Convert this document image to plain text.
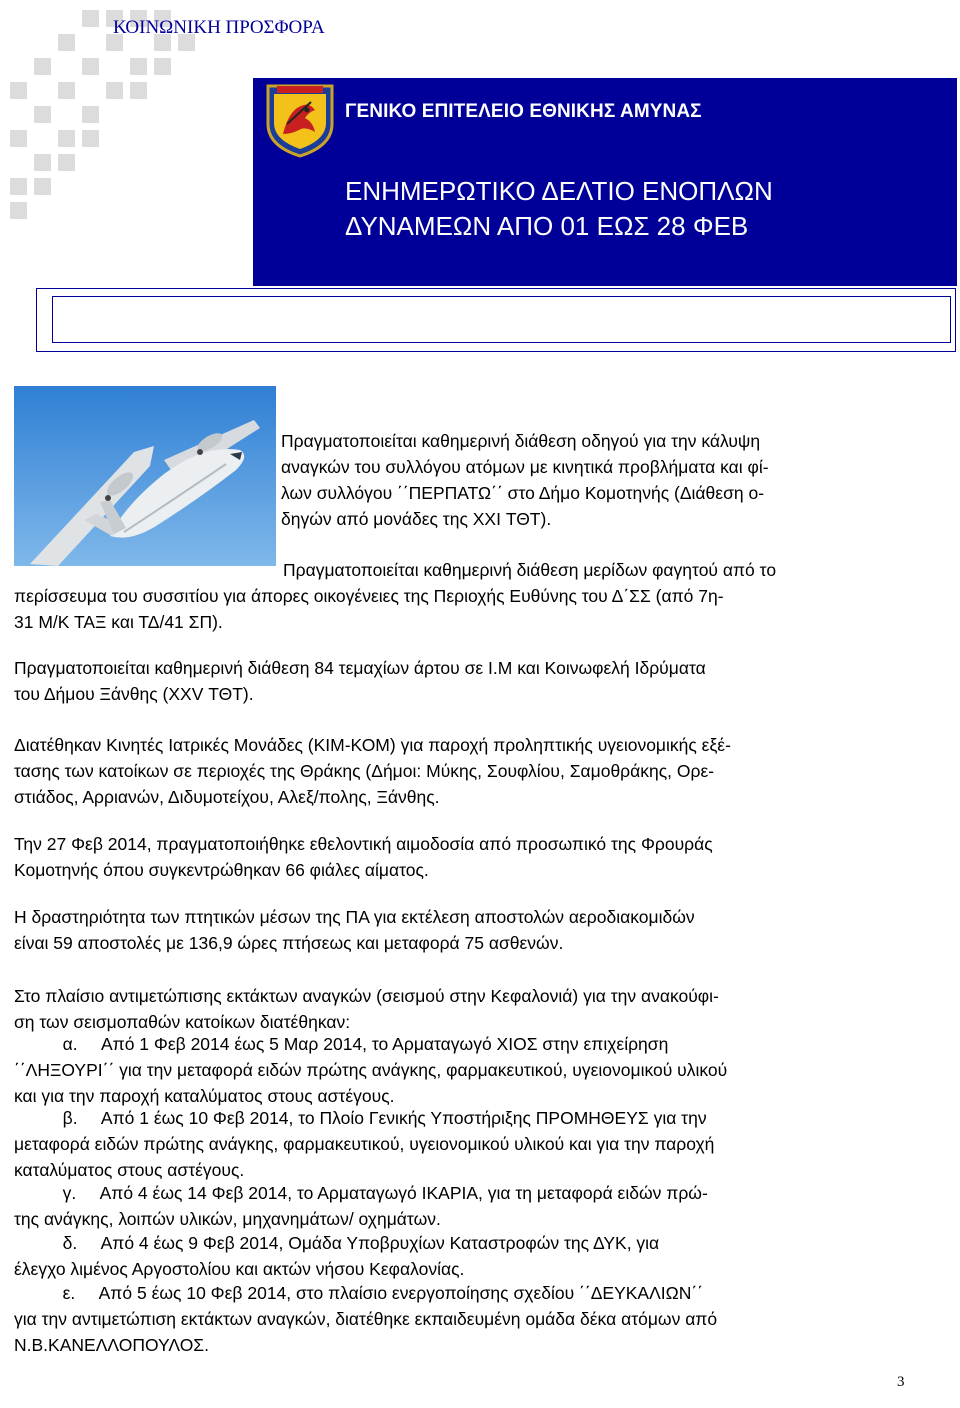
ΓΕΝΙΚΟ ΕΠΙΤΕΛΕΙΟ ΕΘΝΙΚΗΣ ΑΜΥΝΑΣ
ΕΝΗΜΕΡΩΤΙΚΟ ΔΕΛΤΙΟ ΕΝΟΠΛΩΝ
ΔΥΝΑΜΕΩΝ ΑΠΟ 01 ΕΩΣ 28 ΦΕΒ
ΚΟΙΝΩΝΙΚΗ ΠΡΟΣΦΟΡΑ

Πραγματοποιείται καθημερινή διάθεση οδηγού για την κάλυψη
αναγκών του συλλόγου ατόμων με κινητικά προβλήματα και φί-
λων συλλόγου ΄΄ΠΕΡΠΑΤΩ΄΄ στο Δήμο Κομοτηνής (Διάθεση ο-
δηγών από μονάδες της XXI ΤΘΤ).

Πραγματοποιείται καθημερινή διάθεση μερίδων φαγητού από το
περίσσευμα του συσσιτίου για άπορες οικογένειες της Περιοχής Ευθύνης του Δ΄ΣΣ (από 7η-
31 Μ/Κ ΤΑΞ και ΤΔ/41 ΣΠ).

Πραγματοποιείται καθημερινή διάθεση 84 τεμαχίων άρτου σε Ι.Μ και Κοινωφελή Ιδρύματα
του Δήμου Ξάνθης (XXV ΤΘΤ).

Διατέθηκαν Κινητές Ιατρικές Μονάδες (ΚΙΜ-ΚΟΜ) για παροχή προληπτικής υγειονομικής εξέ-
τασης των κατοίκων σε περιοχές της Θράκης (Δήμοι: Μύκης, Σουφλίου, Σαμοθράκης, Ορε-
στιάδος, Αρριανών, Διδυμοτείχου, Αλεξ/πολης, Ξάνθης.

Την 27 Φεβ 2014, πραγματοποιήθηκε εθελοντική αιμοδοσία από προσωπικό της Φρουράς
Κομοτηνής όπου συγκεντρώθηκαν 66 φιάλες αίματος.

Η δραστηριότητα των πτητικών μέσων της ΠΑ για εκτέλεση αποστολών αεροδιακομιδών
είναι 59 αποστολές με 136,9 ώρες πτήσεως και μεταφορά 75 ασθενών.

Στο πλαίσιο αντιμετώπισης εκτάκτων αναγκών (σεισμού στην Κεφαλονιά) για την ανακούφι-
ση των σεισμοπαθών κατοίκων διατέθηκαν:

α.     Από 1 Φεβ 2014 έως 5 Μαρ 2014, το Αρματαγωγό ΧΙΟΣ στην επιχείρηση
΄΄ΛΗΞΟΥΡΙ΄΄ για την μεταφορά ειδών πρώτης ανάγκης, φαρμακευτικού, υγειονομικού υλικού
και για την παροχή καταλύματος στους αστέγους.

β.     Από 1 έως 10 Φεβ 2014, το Πλοίο Γενικής Υποστήριξης ΠΡΟΜΗΘΕΥΣ για την
μεταφορά ειδών πρώτης ανάγκης, φαρμακευτικού, υγειονομικού υλικού και για την παροχή
καταλύματος στους αστέγους.

γ.     Από 4 έως 14 Φεβ 2014, το Αρματαγωγό ΙΚΑΡΙΑ, για τη μεταφορά ειδών πρώ-
της ανάγκης, λοιπών υλικών, μηχανημάτων/ οχημάτων.

δ.     Από 4 έως 9 Φεβ 2014, Ομάδα Υποβρυχίων Καταστροφών της ΔΥΚ, για
έλεγχο λιμένος Αργοστολίου και ακτών νήσου Κεφαλονίας.

ε.     Από 5 έως 10 Φεβ 2014, στο πλαίσιο ενεργοποίησης σχεδίου ΄΄ΔΕΥΚΑΛΙΩΝ΄΄
για την αντιμετώπιση εκτάκτων αναγκών, διατέθηκε εκπαιδευμένη ομάδα δέκα ατόμων από
Ν.Β.ΚΑΝΕΛΛΟΠΟΥΛΟΣ.

3
